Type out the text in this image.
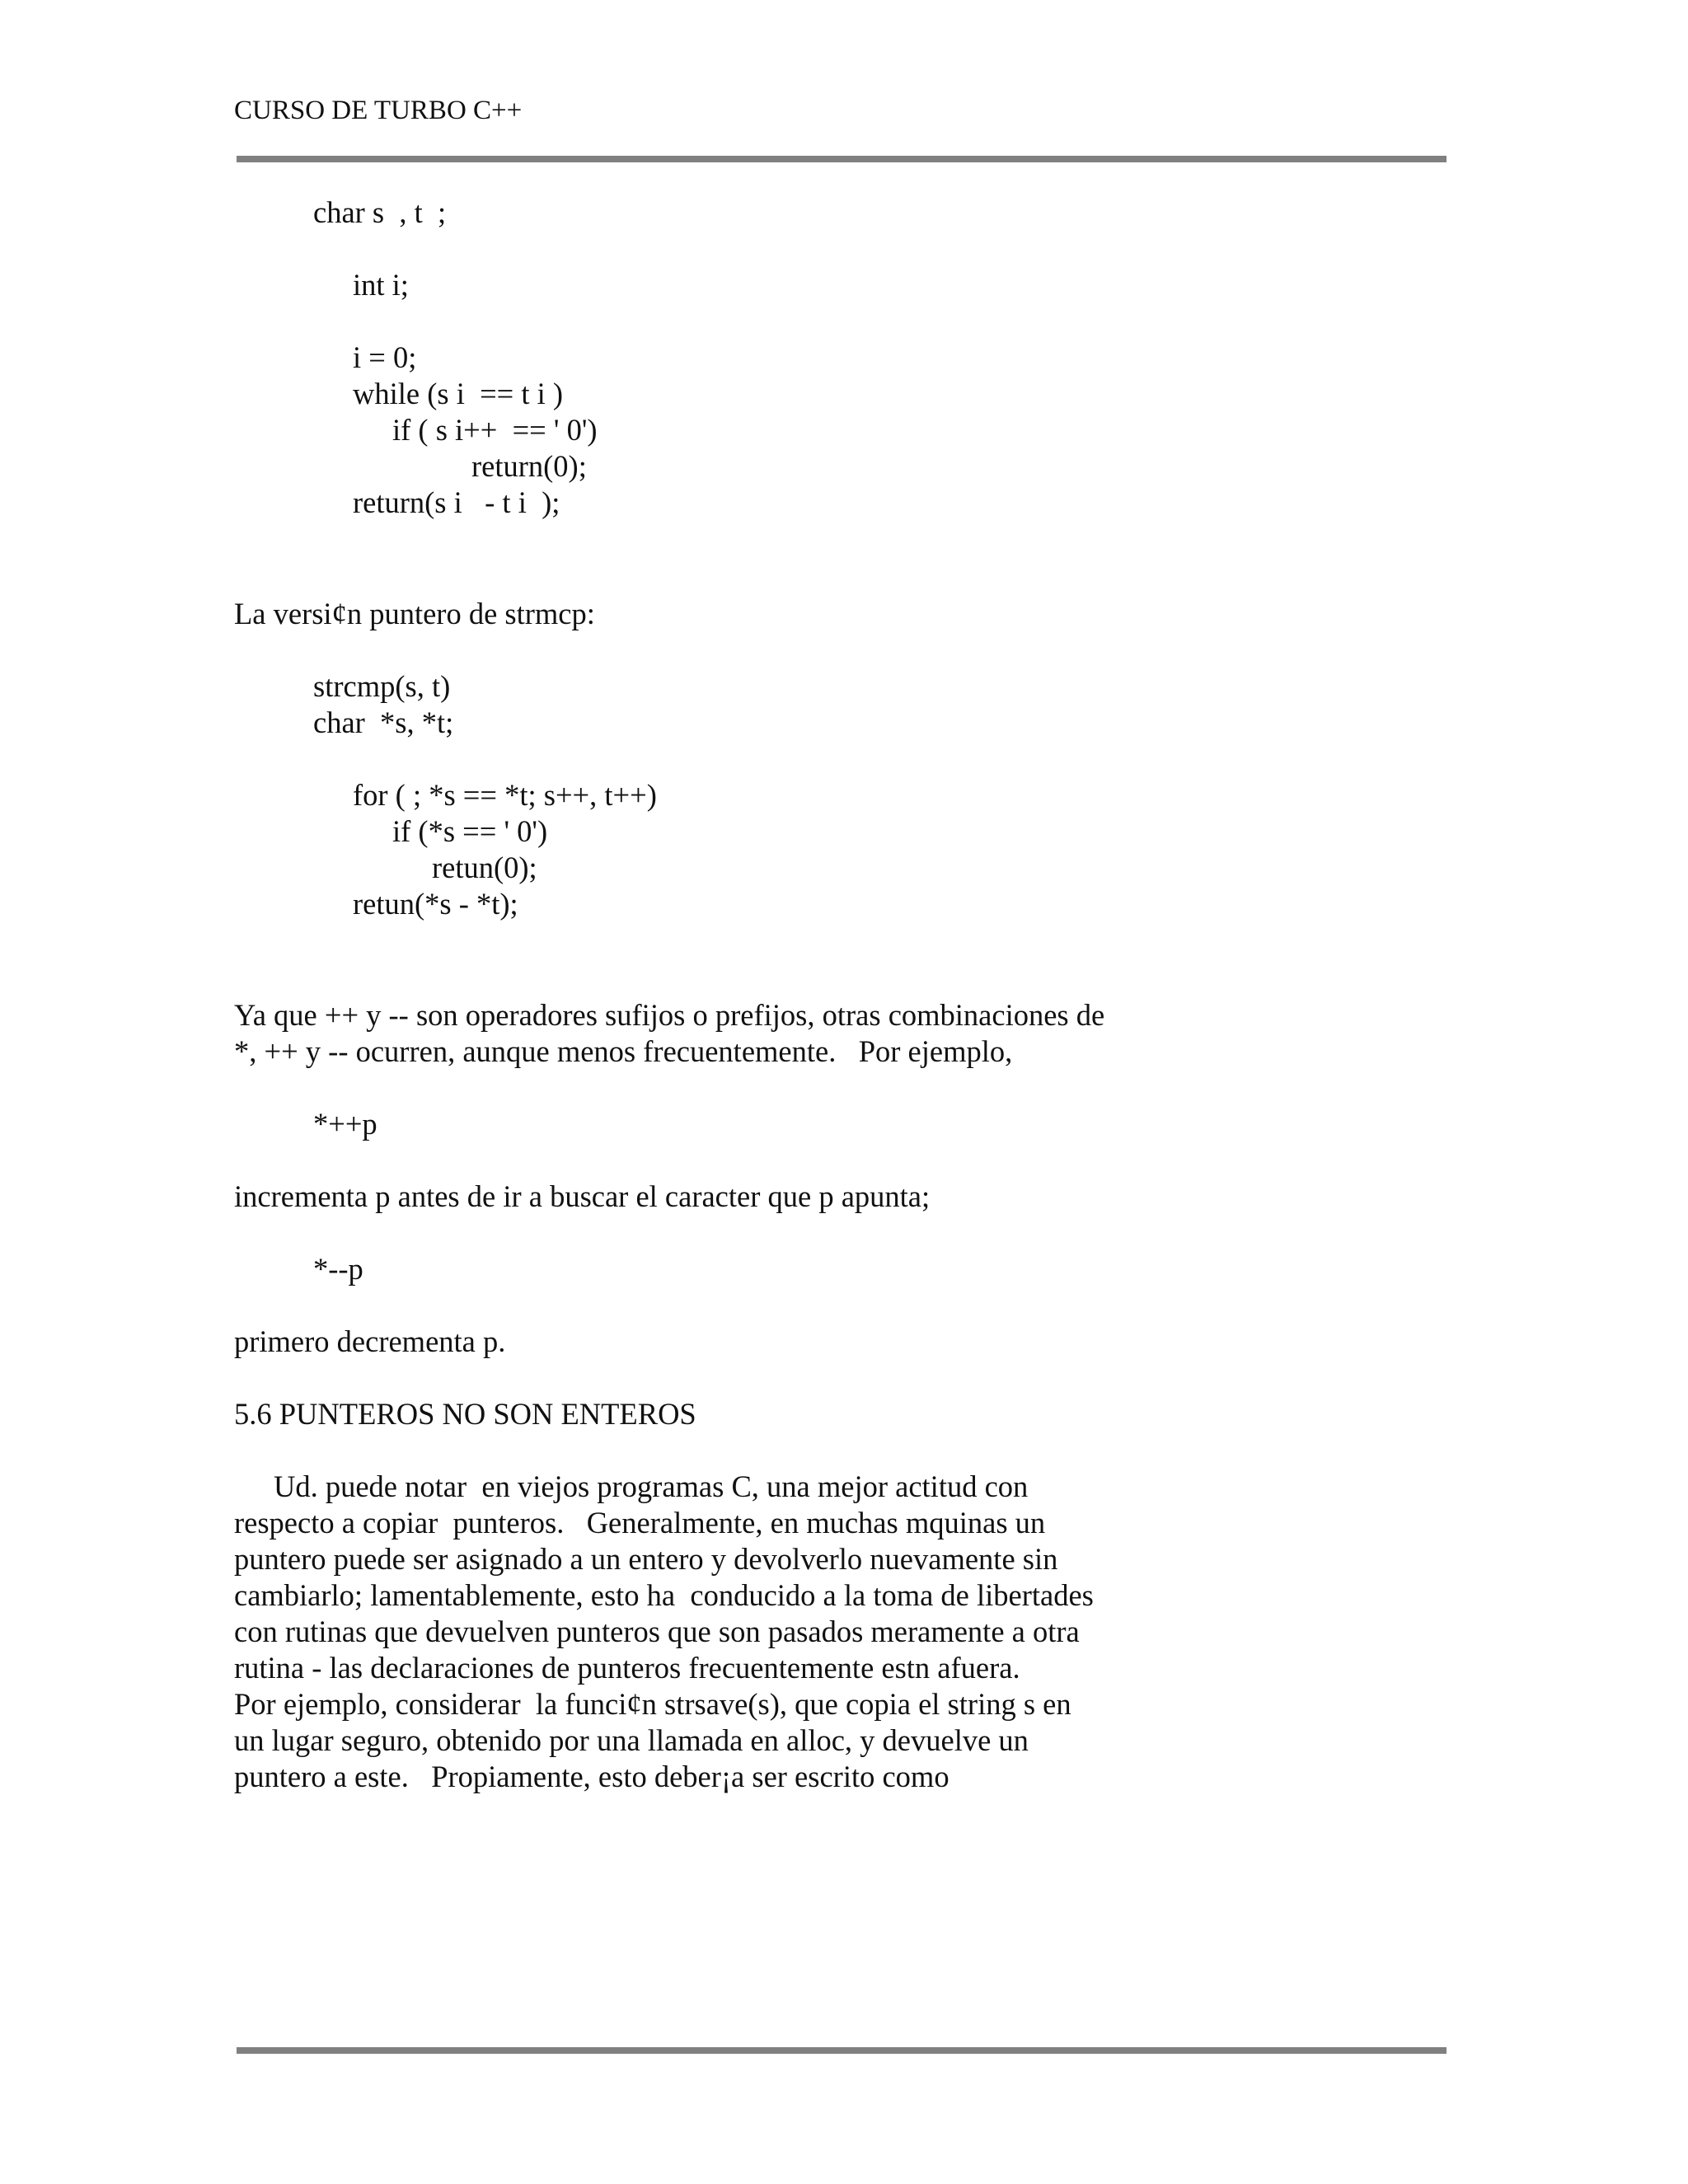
CURSO DE TURBO C++
char s  , t  ;
int i;
i = 0;
while (s i  == t i )
if ( s i++  == ' 0')
return(0);
return(s i   - t i  );
La versi¢n puntero de strmcp:
strcmp(s, t)
char  *s, *t;
for ( ; *s == *t; s++, t++)
if (*s == ' 0')
retun(0);
retun(*s - *t);
Ya que ++ y -- son operadores sufijos o prefijos, otras combinaciones de
*, ++ y -- ocurren, aunque menos frecuentemente.   Por ejemplo,
*++p
incrementa p antes de ir a buscar el caracter que p apunta;
*--p
primero decrementa p.
5.6 PUNTEROS NO SON ENTEROS
Ud. puede notar  en viejos programas C, una mejor actitud con
respecto a copiar  punteros.   Generalmente, en muchas mquinas un
puntero puede ser asignado a un entero y devolverlo nuevamente sin
cambiarlo; lamentablemente, esto ha  conducido a la toma de libertades
con rutinas que devuelven punteros que son pasados meramente a otra
rutina - las declaraciones de punteros frecuentemente estn afuera.
Por ejemplo, considerar  la funci¢n strsave(s), que copia el string s en
un lugar seguro, obtenido por una llamada en alloc, y devuelve un
puntero a este.   Propiamente, esto deber¡a ser escrito como
